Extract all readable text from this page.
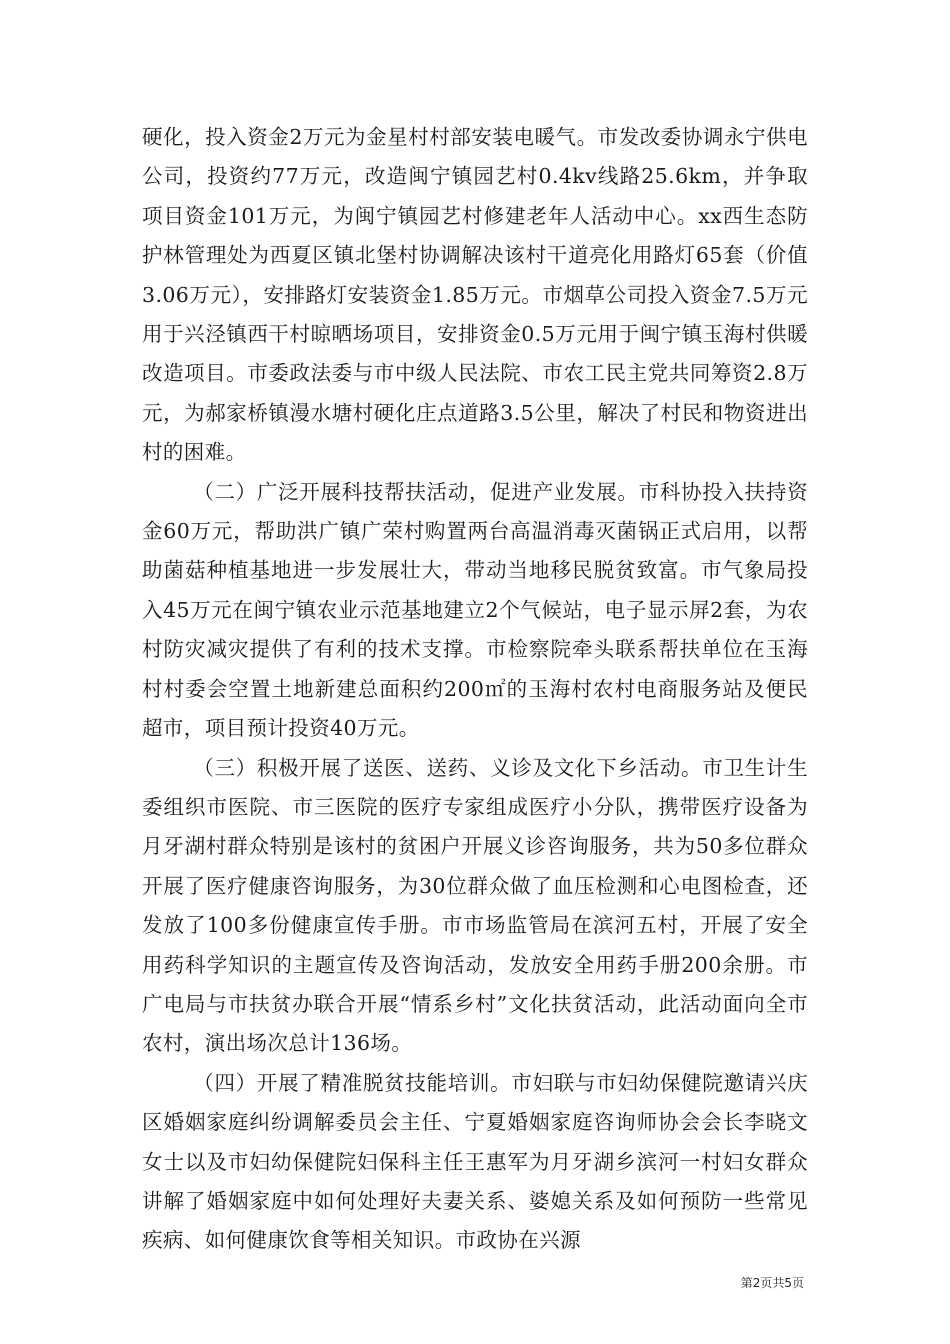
硬化，投入资金2万元为金星村村部安装电暖气。市发改委协调永宁供电公司，投资约77万元，改造闽宁镇园艺村0.4kv线路25.6km，并争取项目资金101万元，为闽宁镇园艺村修建老年人活动中心。xx西生态防护林管理处为西夏区镇北堡村协调解决该村干道亮化用路灯65套（价值3.06万元），安排路灯安装资金1.85万元。市烟草公司投入资金7.5万元用于兴泾镇西干村晾晒场项目，安排资金0.5万元用于闽宁镇玉海村供暖改造项目。市委政法委与市中级人民法院、市农工民主党共同筹资2.8万元，为郝家桥镇漫水塘村硬化庄点道路3.5公里，解决了村民和物资进出村的困难。

（二）广泛开展科技帮扶活动，促进产业发展。市科协投入扶持资金60万元，帮助洪广镇广荣村购置两台高温消毒灭菌锅正式启用，以帮助菌菇种植基地进一步发展壮大，带动当地移民脱贫致富。市气象局投入45万元在闽宁镇农业示范基地建立2个气候站，电子显示屏2套，为农村防灾减灾提供了有利的技术支撑。市检察院牵头联系帮扶单位在玉海村村委会空置土地新建总面积约200㎡的玉海村农村电商服务站及便民超市，项目预计投资40万元。

（三）积极开展了送医、送药、义诊及文化下乡活动。市卫生计生委组织市医院、市三医院的医疗专家组成医疗小分队，携带医疗设备为月牙湖村群众特别是该村的贫困户开展义诊咨询服务，共为50多位群众开展了医疗健康咨询服务，为30位群众做了血压检测和心电图检查，还发放了100多份健康宣传手册。市市场监管局在滨河五村，开展了安全用药科学知识的主题宣传及咨询活动，发放安全用药手册200余册。市广电局与市扶贫办联合开展“情系乡村”文化扶贫活动，此活动面向全市农村，演出场次总计136场。

（四）开展了精准脱贫技能培训。市妇联与市妇幼保健院邀请兴庆区婚姻家庭纠纷调解委员会主任、宁夏婚姻家庭咨询师协会会长李晓文女士以及市妇幼保健院妇保科主任王惠军为月牙湖乡滨河一村妇女群众讲解了婚姻家庭中如何处理好夫妻关系、婆媳关系及如何预防一些常见疾病、如何健康饮食等相关知识。市政协在兴源

第2页共5页
